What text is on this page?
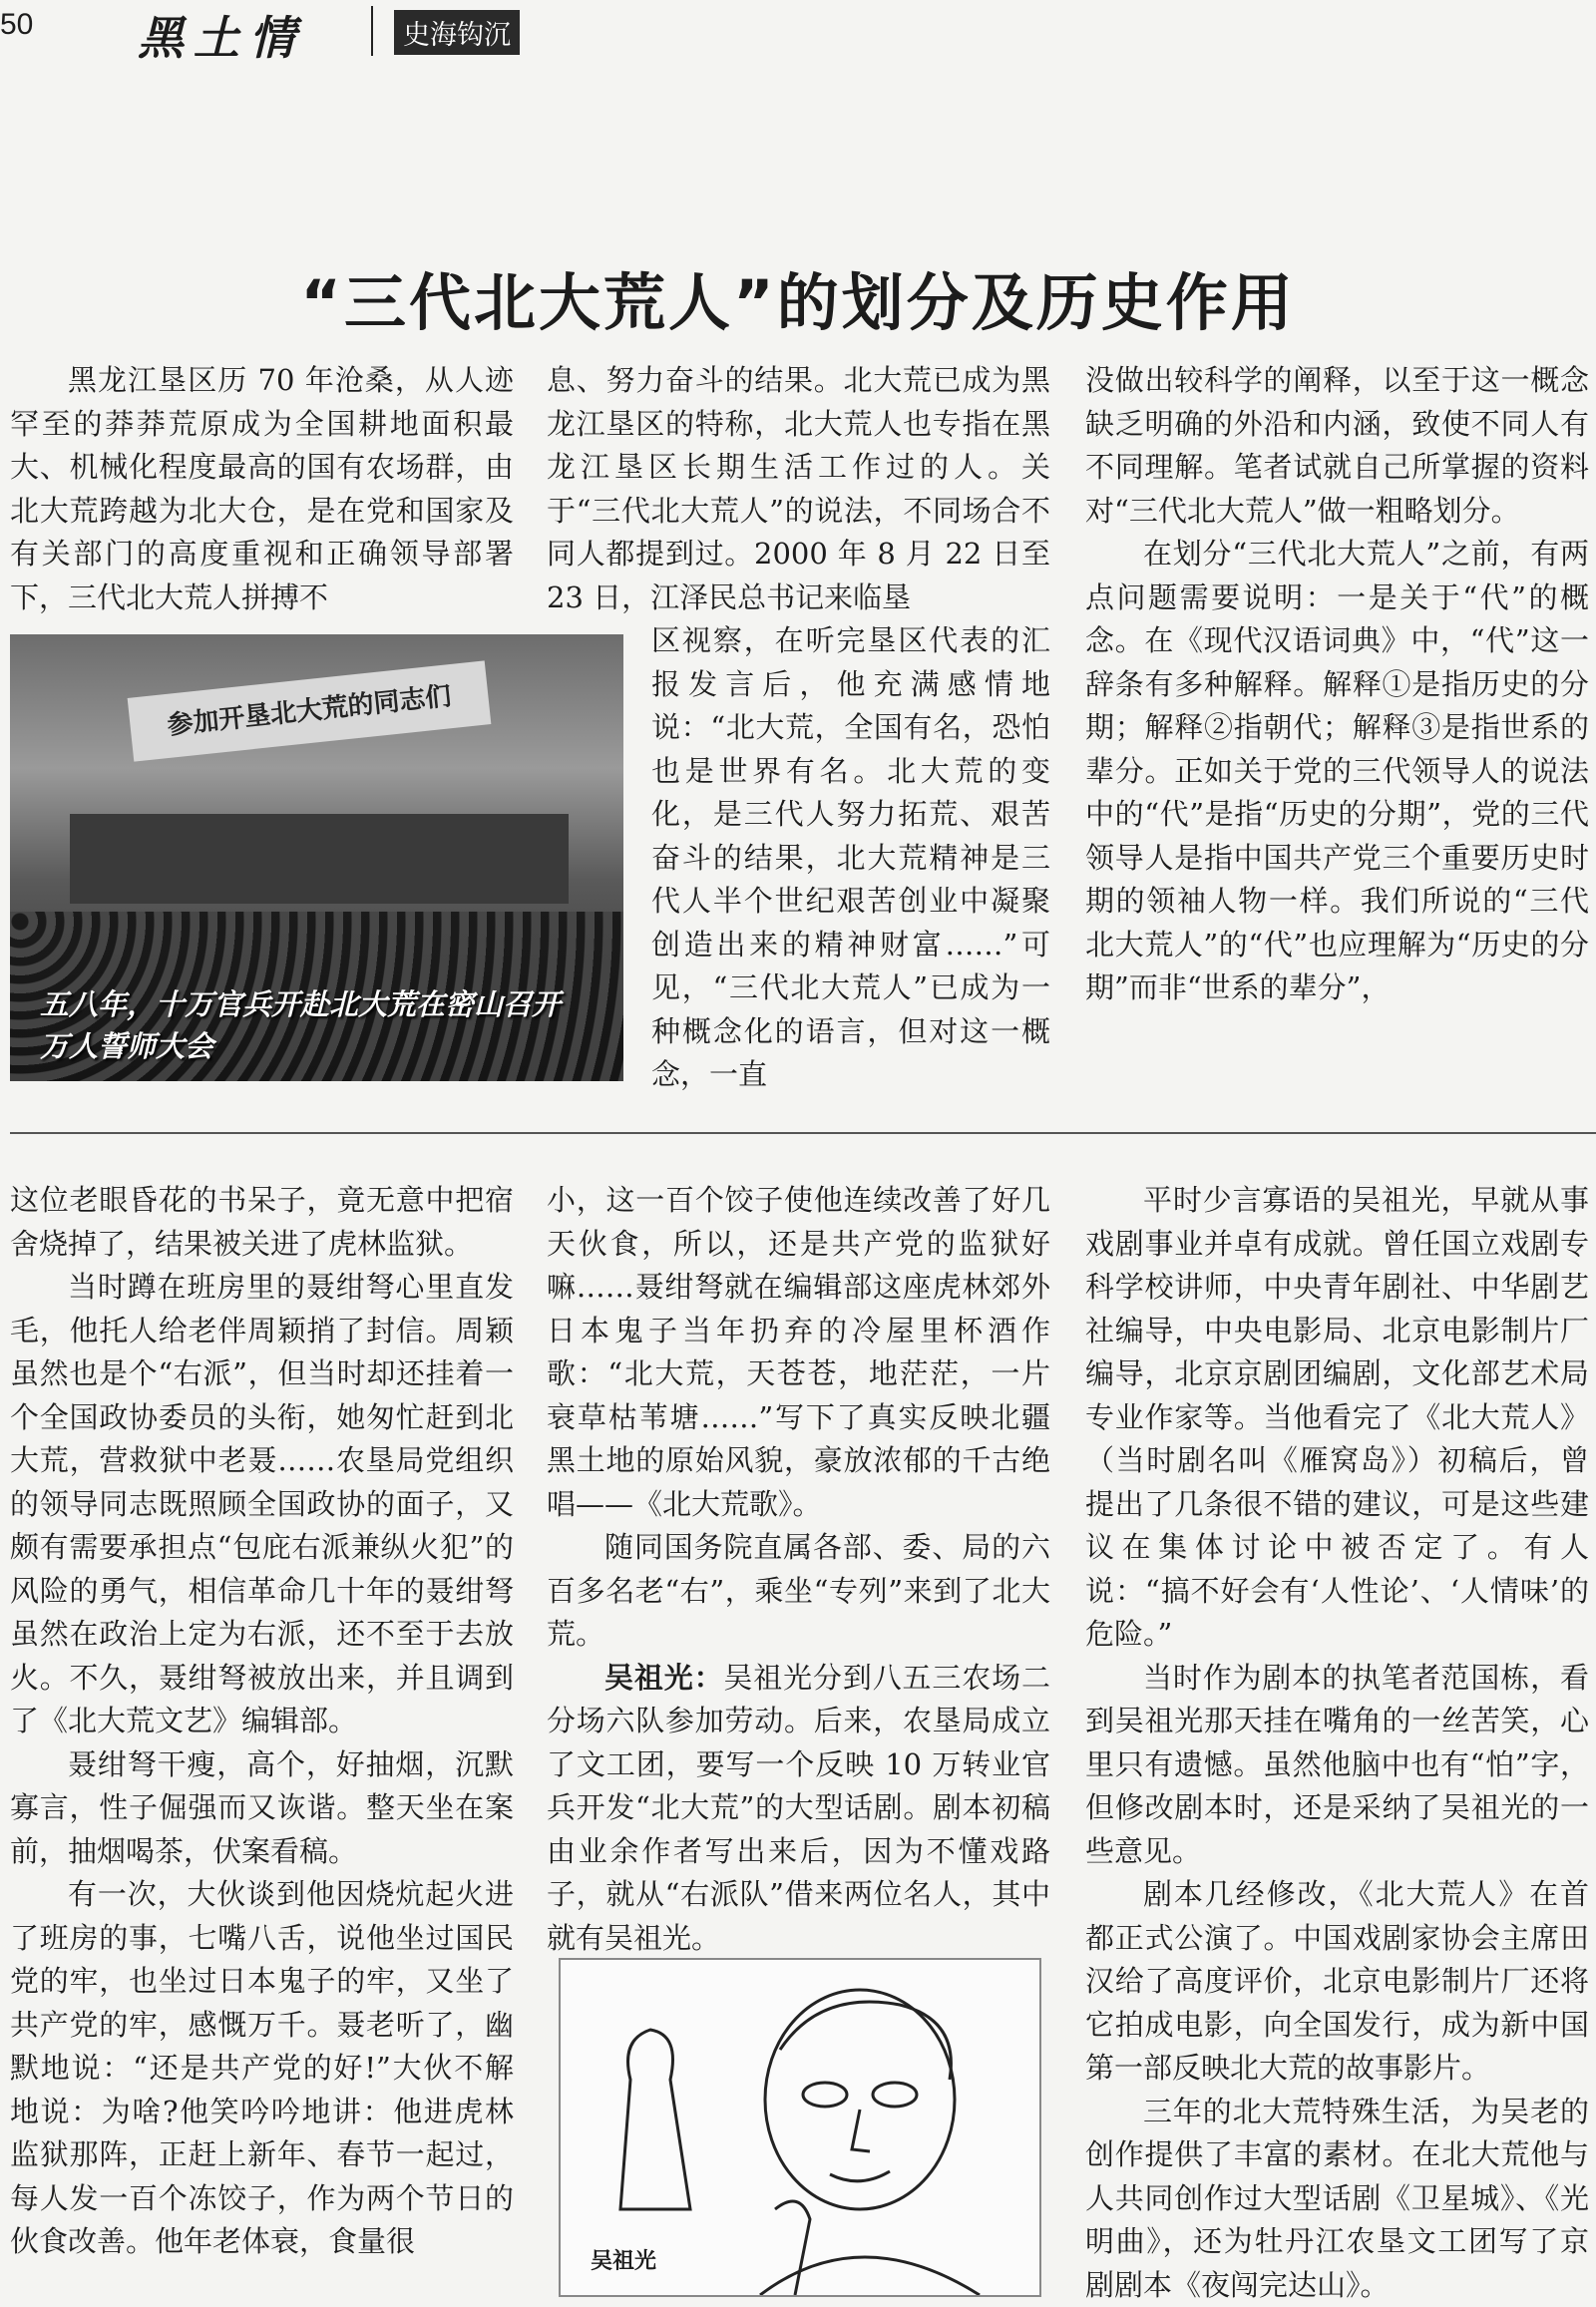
50 黑土情	史海钩沉
“三代北大荒人”的划分及历史作用

黑龙江垦区历 70 年沧桑，从人迹罕至的莽莽荒原成为全国耕地面积最大、机械化程度最高的国有农场群，由北大荒跨越为北大仓，是在党和国家及有关部门的高度重视和正确领导部署下，三代北大荒人拼搏不

参加开垦北大荒的同志们
五八年，十万官兵开赴北大荒在密山召开
万人誓师大会

息、努力奋斗的结果。北大荒已成为黑龙江垦区的特称，北大荒人也专指在黑龙江垦区长期生活工作过的人。关于“三代北大荒人”的说法，不同场合不同人都提到过。2000 年 8 月 22 日至 23 日，江泽民总书记来临垦

区视察，在听完垦区代表的汇报发言后，他充满感情地说：“北大荒，全国有名，恐怕也是世界有名。北大荒的变化，是三代人努力拓荒、艰苦奋斗的结果，北大荒精神是三代人半个世纪艰苦创业中凝聚创造出来的精神财富……”可见，“三代北大荒人”已成为一种概念化的语言，但对这一概念，一直

没做出较科学的阐释，以至于这一概念缺乏明确的外沿和内涵，致使不同人有不同理解。笔者试就自己所掌握的资料对“三代北大荒人”做一粗略划分。

在划分“三代北大荒人”之前，有两点问题需要说明：一是关于“代”的概念。在《现代汉语词典》中，“代”这一辞条有多种解释。解释①是指历史的分期；解释②指朝代；解释③是指世系的辈分。正如关于党的三代领导人的说法中的“代”是指“历史的分期”，党的三代领导人是指中国共产党三个重要历史时期的领袖人物一样。我们所说的“三代北大荒人”的“代”也应理解为“历史的分期”而非“世系的辈分”，

这位老眼昏花的书呆子，竟无意中把宿舍烧掉了，结果被关进了虎林监狱。

当时蹲在班房里的聂绀弩心里直发毛，他托人给老伴周颖捎了封信。周颖虽然也是个“右派”，但当时却还挂着一个全国政协委员的头衔，她匆忙赶到北大荒，营救狱中老聂……农垦局党组织的领导同志既照顾全国政协的面子，又颇有需要承担点“包庇右派兼纵火犯”的风险的勇气，相信革命几十年的聂绀弩虽然在政治上定为右派，还不至于去放火。不久，聂绀弩被放出来，并且调到了《北大荒文艺》编辑部。

聂绀弩干瘦，高个，好抽烟，沉默寡言，性子倔强而又诙谐。整天坐在案前，抽烟喝茶，伏案看稿。

有一次，大伙谈到他因烧炕起火进了班房的事，七嘴八舌，说他坐过国民党的牢，也坐过日本鬼子的牢，又坐了共产党的牢，感慨万千。聂老听了，幽默地说：“还是共产党的好!”大伙不解地说：为啥?他笑吟吟地讲：他进虎林监狱那阵，正赶上新年、春节一起过，每人发一百个冻饺子，作为两个节日的伙食改善。他年老体衰，食量很

小，这一百个饺子使他连续改善了好几天伙食，所以，还是共产党的监狱好嘛……聂绀弩就在编辑部这座虎林郊外日本鬼子当年扔弃的冷屋里杯酒作歌：“北大荒，天苍苍，地茫茫，一片衰草枯苇塘……”写下了真实反映北疆黑土地的原始风貌，豪放浓郁的千古绝唱——《北大荒歌》。

随同国务院直属各部、委、局的六百多名老“右”，乘坐“专列”来到了北大荒。

吴祖光：吴祖光分到八五三农场二分场六队参加劳动。后来，农垦局成立了文工团，要写一个反映 10 万转业官兵开发“北大荒”的大型话剧。剧本初稿由业余作者写出来后，因为不懂戏路子，就从“右派队”借来两位名人，其中就有吴祖光。

吴祖光

平时少言寡语的吴祖光，早就从事戏剧事业并卓有成就。曾任国立戏剧专科学校讲师，中央青年剧社、中华剧艺社编导，中央电影局、北京电影制片厂编导，北京京剧团编剧，文化部艺术局专业作家等。当他看完了《北大荒人》（当时剧名叫《雁窝岛》）初稿后，曾提出了几条很不错的建议，可是这些建议在集体讨论中被否定了。有人说：“搞不好会有‘人性论’、‘人情味’的危险。”

当时作为剧本的执笔者范国栋，看到吴祖光那天挂在嘴角的一丝苦笑，心里只有遗憾。虽然他脑中也有“怕”字，但修改剧本时，还是采纳了吴祖光的一些意见。

剧本几经修改，《北大荒人》在首都正式公演了。中国戏剧家协会主席田汉给了高度评价，北京电影制片厂还将它拍成电影，向全国发行，成为新中国第一部反映北大荒的故事影片。

三年的北大荒特殊生活，为吴老的创作提供了丰富的素材。在北大荒他与人共同创作过大型话剧《卫星城》、《光明曲》，还为牡丹江农垦文工团写了京剧剧本《夜闯完达山》。
